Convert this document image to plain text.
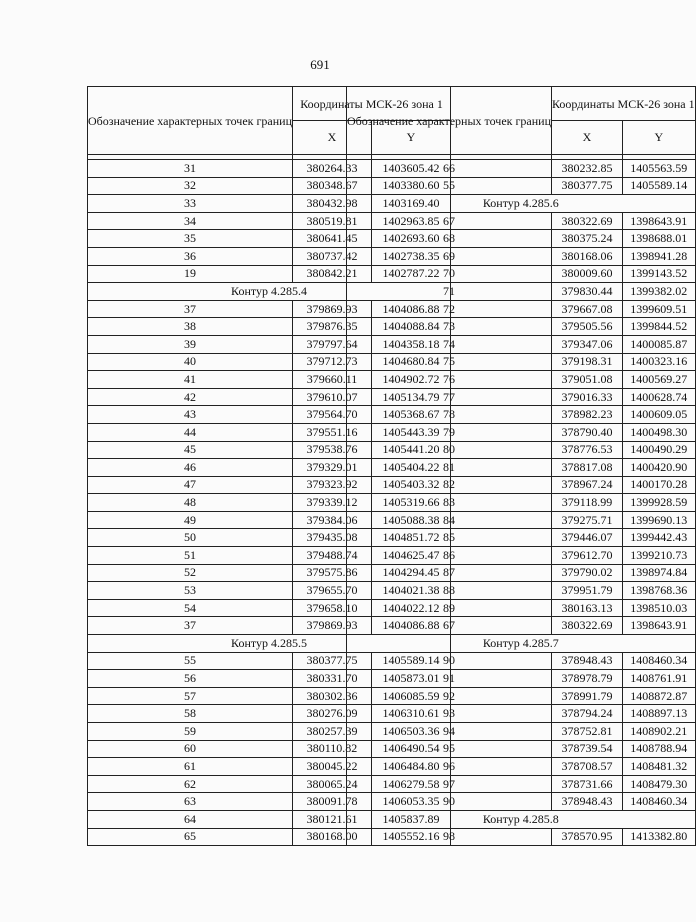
691
Обозначение характерных точек границ	Координаты МСК-26 зона 1	
	X	Y

31	380264.33	1403605.42
32	380348.67	1403380.60
33	380432.98	1403169.40
34	380519.81	1402963.85
35	380641.45	1402693.60
36	380737.42	1402738.35
19	380842.21	1402787.22
Контур 4.285.4		
37	379869.93	1404086.88
38	379876.35	1404088.84
39	379797.64	1404358.18
40	379712.73	1404680.84
41	379660.11	1404902.72
42	379610.07	1405134.79
43	379564.70	1405368.67
44	379551.16	1405443.39
45	379538.76	1405441.20
46	379329.01	1405404.22
47	379323.92	1405403.32
48	379339.12	1405319.66
49	379384.06	1405088.38
50	379435.08	1404851.72
51	379488.74	1404625.47
52	379575.86	1404294.45
53	379655.70	1404021.38
54	379658.10	1404022.12
37	379869.93	1404086.88
Контур 4.285.5		
55	380377.75	1405589.14
56	380331.70	1405873.01
57	380302.36	1406085.59
58	380276.09	1406310.61
59	380257.39	1406503.36
60	380110.82	1406490.54
61	380045.22	1406484.80
62	380065.24	1406279.58
63	380091.78	1406053.35
64	380121.61	1405837.89
65	380168.00	1405552.16
Обозначение характерных точек границ	Координаты МСК-26 зона 1	
	X	Y

66	380232.85	1405563.59
55	380377.75	1405589.14
Контур 4.285.6		
67	380322.69	1398643.91
68	380375.24	1398688.01
69	380168.06	1398941.28
70	380009.60	1399143.52
71	379830.44	1399382.02
72	379667.08	1399609.51
73	379505.56	1399844.52
74	379347.06	1400085.87
75	379198.31	1400323.16
76	379051.08	1400569.27
77	379016.33	1400628.74
78	378982.23	1400609.05
79	378790.40	1400498.30
80	378776.53	1400490.29
81	378817.08	1400420.90
82	378967.24	1400170.28
83	379118.99	1399928.59
84	379275.71	1399690.13
85	379446.07	1399442.43
86	379612.70	1399210.73
87	379790.02	1398974.84
88	379951.79	1398768.36
89	380163.13	1398510.03
67	380322.69	1398643.91
Контур 4.285.7		
90	378948.43	1408460.34
91	378978.79	1408761.91
92	378991.79	1408872.87
93	378794.24	1408897.13
94	378752.81	1408902.21
95	378739.54	1408788.94
96	378708.57	1408481.32
97	378731.66	1408479.30
90	378948.43	1408460.34
Контур 4.285.8		
98	378570.95	1413382.80
